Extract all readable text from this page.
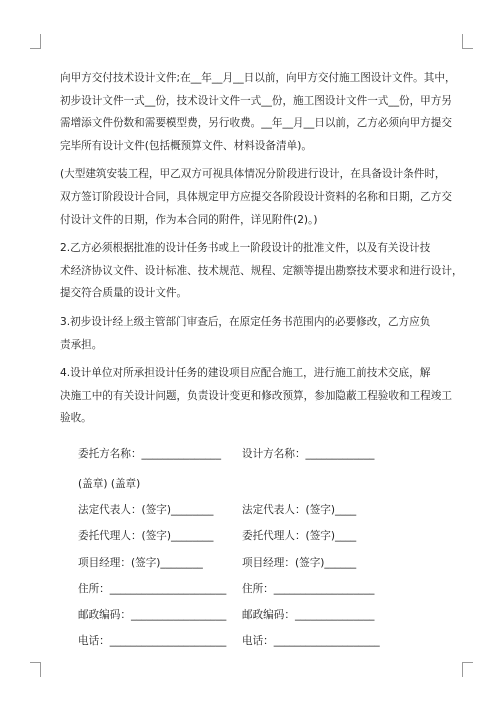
向甲方交付技术设计文件;在__年__月__日以前，向甲方交付施工图设计文件。其中，
初步设计文件一式__份，技术设计文件一式__份，施工图设计文件一式__份，甲方另
需增添文件份数和需要模型费，另行收费。__年__月__日以前，乙方必须向甲方提交
完毕所有设计文件(包括概预算文件、材料设备清单)。
(大型建筑安装工程，甲乙双方可视具体情况分阶段进行设计，在具备设计条件时，
双方签订阶段设计合同，具体规定甲方应提交各阶段设计资料的名称和日期，乙方交
付设计文件的日期，作为本合同的附件，详见附件(2)。)
2.乙方必须根据批准的设计任务书或上一阶段设计的批准文件，以及有关设计技
术经济协议文件、设计标准、技术规范、规程、定额等提出勘察技术要求和进行设计，
提交符合质量的设计文件。
3.初步设计经上级主管部门审查后，在原定任务书范围内的必要修改，乙方应负
责承担。
4.设计单位对所承担设计任务的建设项目应配合施工，进行施工前技术交底，解
决施工中的有关设计问题，负责设计变更和修改预算，参加隐蔽工程验收和工程竣工
验收。
委托方名称：_______________ 设计方名称：_____________
(盖章) (盖章)
法定代表人：(签字)________	法定代表人：(签字)____
委托代理人：(签字)________	委托代理人：(签字)____
项目经理：(签字)________	项目经理：(签字)______
住所：______________________ 住所：___________________
邮政编码：__________________ 邮政编码：_______________
电话：______________________ 电话：____________________
